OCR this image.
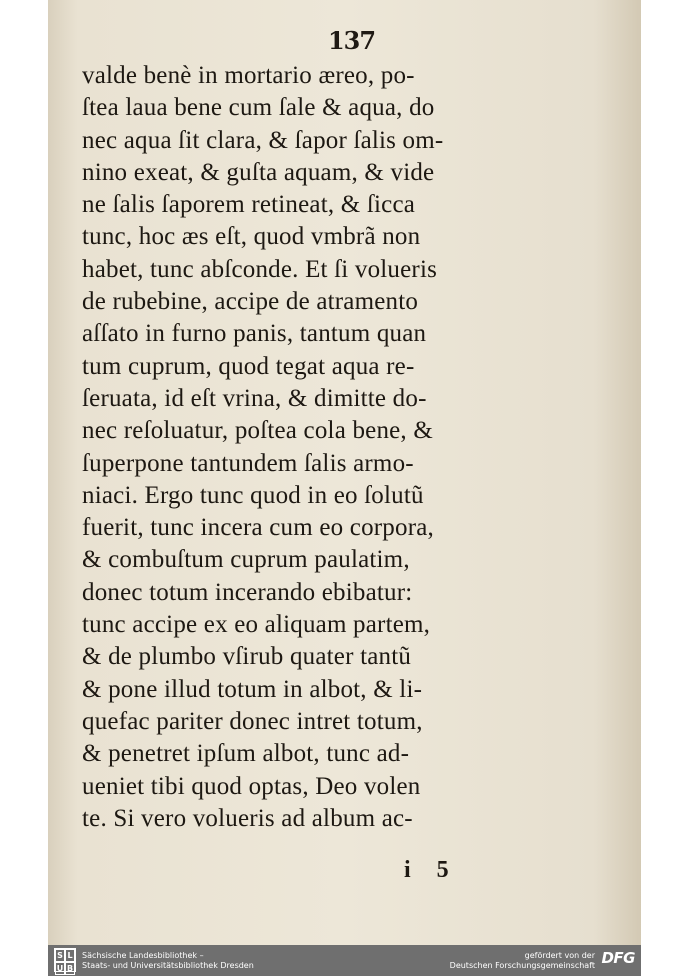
137
valde benè in mortario æreo, po-
ſtea laua bene cum ſale & aqua, do
nec aqua ſit clara, & ſapor ſalis om-
nino exeat, & guſta aquam, & vide
ne ſalis ſaporem retineat, & ſicca
tunc, hoc æs eſt, quod vmbrã non
habet, tunc abſconde. Et ſi volueris
de rubebine, accipe de atramento
aſſato in furno panis, tantum quan
tum cuprum, quod tegat aqua re-
ſeruata, id eſt vrina, & dimitte do-
nec reſoluatur, poſtea cola bene, &
ſuperpone tantundem ſalis armo-
niaci. Ergo tunc quod in eo ſolutũ
fuerit, tunc incera cum eo corpora,
& combuſtum cuprum paulatim,
donec totum incerando ebibatur:
tunc accipe ex eo aliquam partem,
& de plumbo vſirub quater tantũ
& pone illud totum in albot, & li-
quefac pariter donec intret totum,
& penetret ipſum albot, tunc ad-
ueniet tibi quod optas, Deo volen
te. Si vero volueris ad album ac-
i 5
S L
U B
Sächsische Landesbibliothek –
Staats- und Universitätsbibliothek Dresden
gefördert von der
Deutschen Forschungsgemeinschaft DFG
